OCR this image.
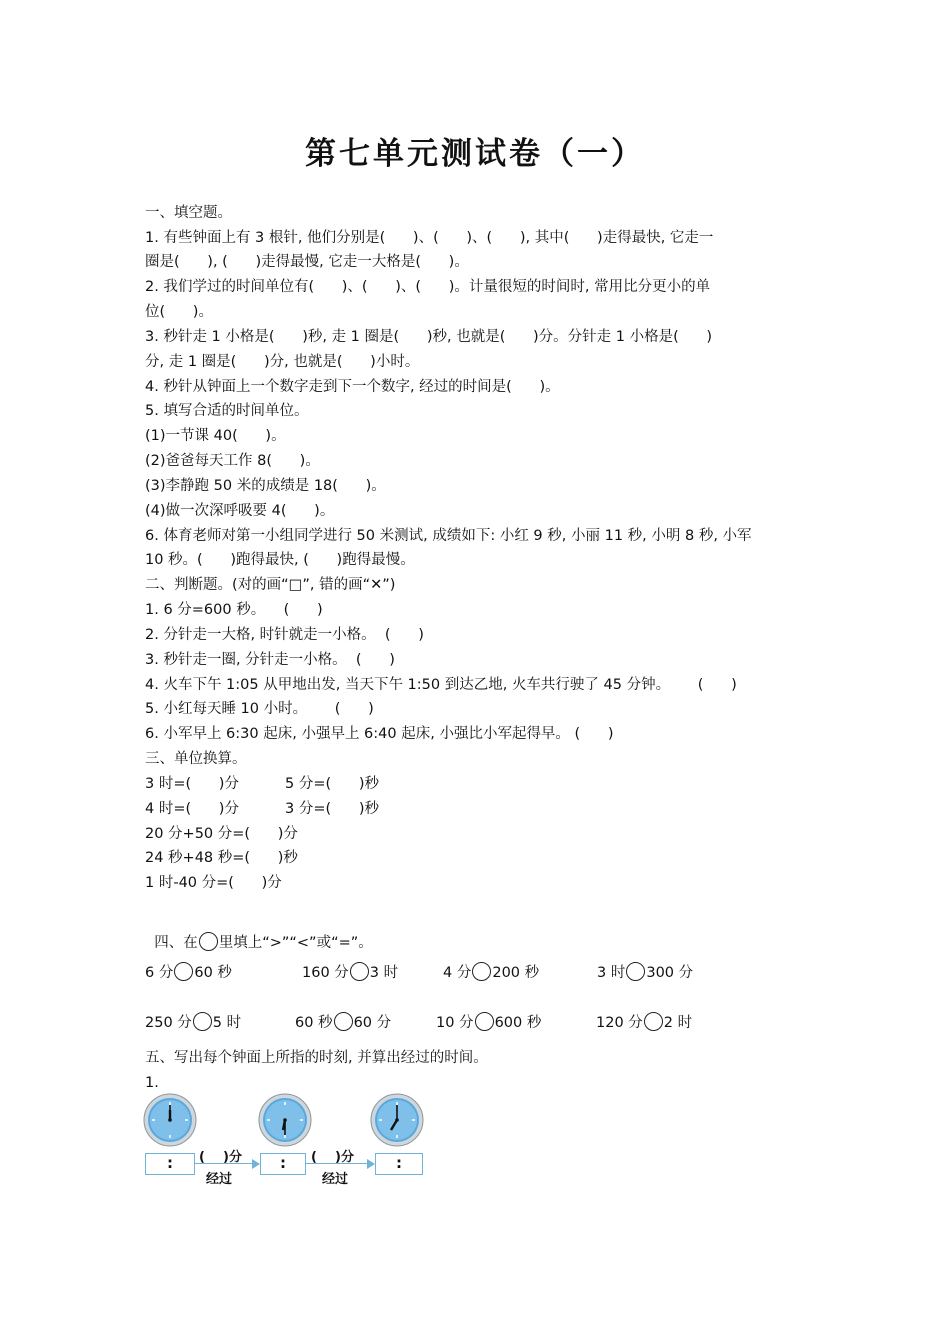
第七单元测试卷（一）
一、填空题。
1. 有些钟面上有 3 根针, 他们分别是(      )、(      )、(      ), 其中(      )走得最快, 它走一
圈是(      ), (      )走得最慢, 它走一大格是(      )。
2. 我们学过的时间单位有(      )、(      )、(      )。计量很短的时间时, 常用比分更小的单
位(      )。
3. 秒针走 1 小格是(      )秒, 走 1 圈是(      )秒, 也就是(      )分。分针走 1 小格是(      )
分, 走 1 圈是(      )分, 也就是(      )小时。
4. 秒针从钟面上一个数字走到下一个数字, 经过的时间是(      )。
5. 填写合适的时间单位。
(1)一节课 40(      )。
(2)爸爸每天工作 8(      )。
(3)李静跑 50 米的成绩是 18(      )。
(4)做一次深呼吸要 4(      )。
6. 体育老师对第一小组同学进行 50 米测试, 成绩如下: 小红 9 秒, 小丽 11 秒, 小明 8 秒, 小军
10 秒。(      )跑得最快, (      )跑得最慢。
二、判断题。(对的画“□”, 错的画“✕”)
1. 6 分=600 秒。    (      )
2. 分针走一大格, 时针就走一小格。  (      )
3. 秒针走一圈, 分针走一小格。  (      )
4. 火车下午 1:05 从甲地出发, 当天下午 1:50 到达乙地, 火车共行驶了 45 分钟。      (      )
5. 小红每天睡 10 小时。      (      )
6. 小军早上 6:30 起床, 小强早上 6:40 起床, 小强比小军起得早。 (      )
三、单位换算。
3 时=(      )分          5 分=(      )秒
4 时=(      )分          3 分=(      )秒
20 分+50 分=(      )分
24 秒+48 秒=(      )秒
1 时-40 分=(      )分

四、在 里填上“>”“<”或“=”。

6 分 60 秒	160 分 3 时	4 分 200 秒	3 时 300 分
250 分 5 时	60 秒 60 分	10 分 600 秒	120 分 2 时
五、写出每个钟面上所指的时刻, 并算出经过的时间。
1.
:	(    )分
经过
:	(    )分
经过
:
